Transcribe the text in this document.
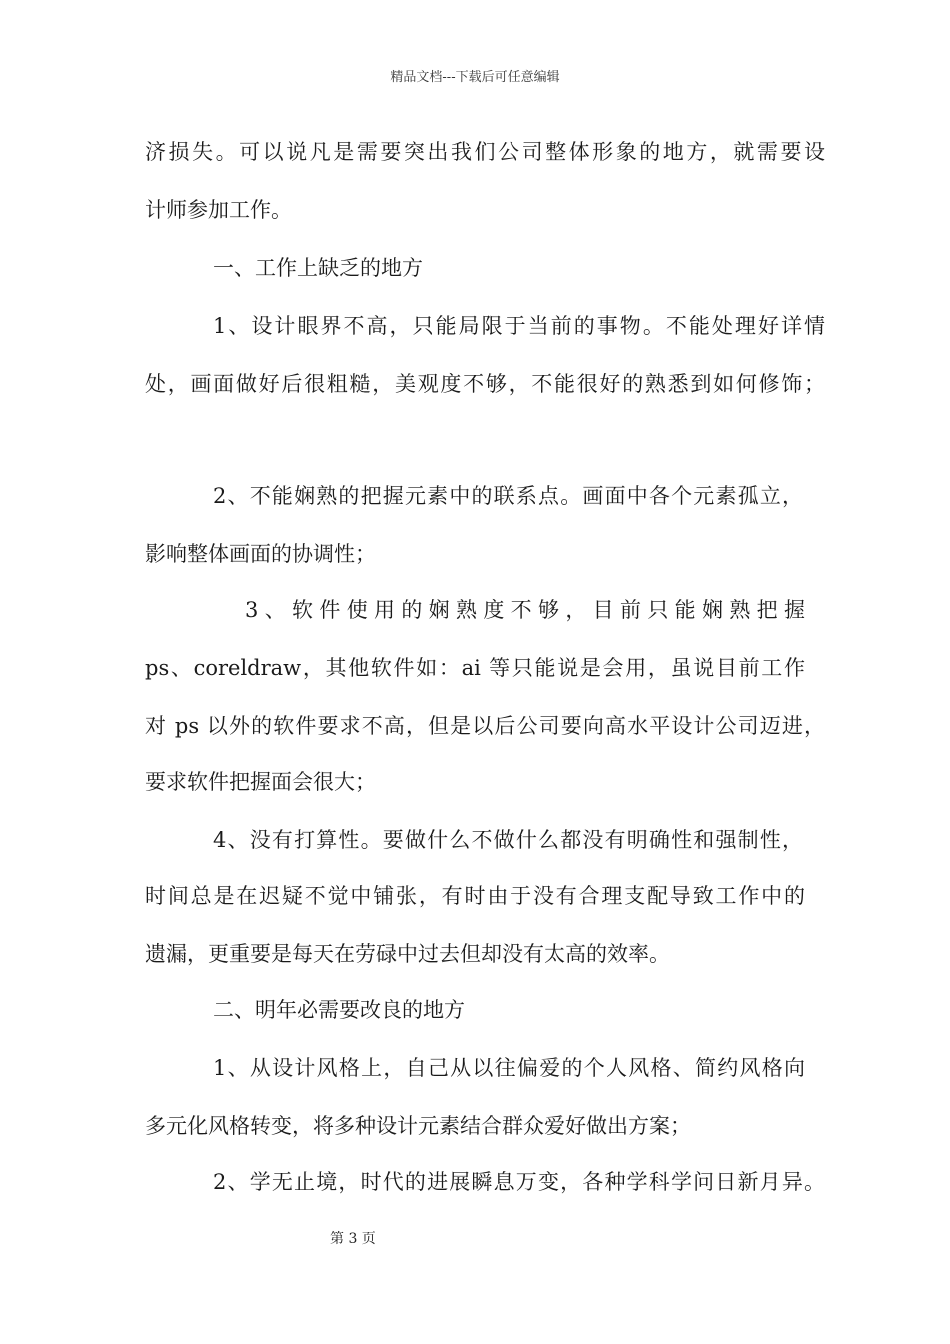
精品文档---下载后可任意编辑
济损失。可以说凡是需要突出我们公司整体形象的地方，就需要设
计师参加工作。
一、工作上缺乏的地方
1、设计眼界不高，只能局限于当前的事物。不能处理好详情
处，画面做好后很粗糙，美观度不够，不能很好的熟悉到如何修饰；
2、不能娴熟的把握元素中的联系点。画面中各个元素孤立，
影响整体画面的协调性；
3、软件使用的娴熟度不够，目前只能娴熟把握
ps、coreldraw，其他软件如：ai 等只能说是会用，虽说目前工作
对 ps 以外的软件要求不高，但是以后公司要向高水平设计公司迈进，
要求软件把握面会很大；
4、没有打算性。要做什么不做什么都没有明确性和强制性，
时间总是在迟疑不觉中铺张，有时由于没有合理支配导致工作中的
遗漏，更重要是每天在劳碌中过去但却没有太高的效率。
二、明年必需要改良的地方
1、从设计风格上，自己从以往偏爱的个人风格、简约风格向
多元化风格转变，将多种设计元素结合群众爱好做出方案；
2、学无止境，时代的进展瞬息万变，各种学科学问日新月异。
第 3 页
